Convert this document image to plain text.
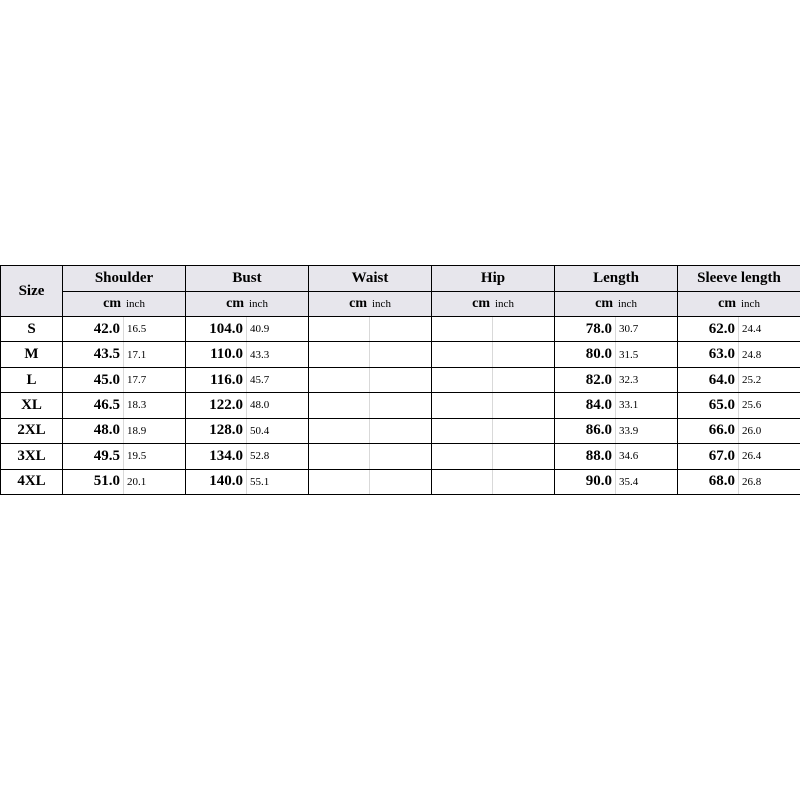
Size	Shoulder	Bust	Waist	Hip	Length	Sleeve length

cm inch	cm inch	cm inch	cm inch	cm inch	cm inch

S	42.0 16.5	104.0 40.9			78.0 30.7	62.0 24.4

M	43.5 17.1	110.0 43.3			80.0 31.5	63.0 24.8

L	45.0 17.7	116.0 45.7			82.0 32.3	64.0 25.2

XL	46.5 18.3	122.0 48.0			84.0 33.1	65.0 25.6

2XL	48.0 18.9	128.0 50.4			86.0 33.9	66.0 26.0

3XL	49.5 19.5	134.0 52.8			88.0 34.6	67.0 26.4

4XL	51.0 20.1	140.0 55.1			90.0 35.4	68.0 26.8
